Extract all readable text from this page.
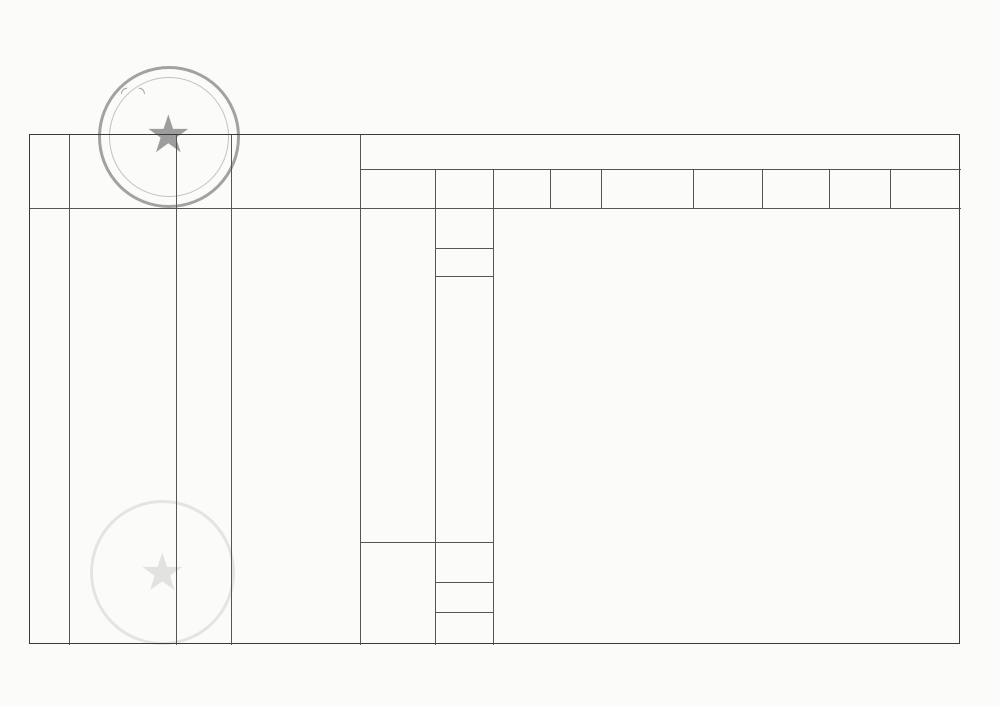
◜ ◝
★
★
